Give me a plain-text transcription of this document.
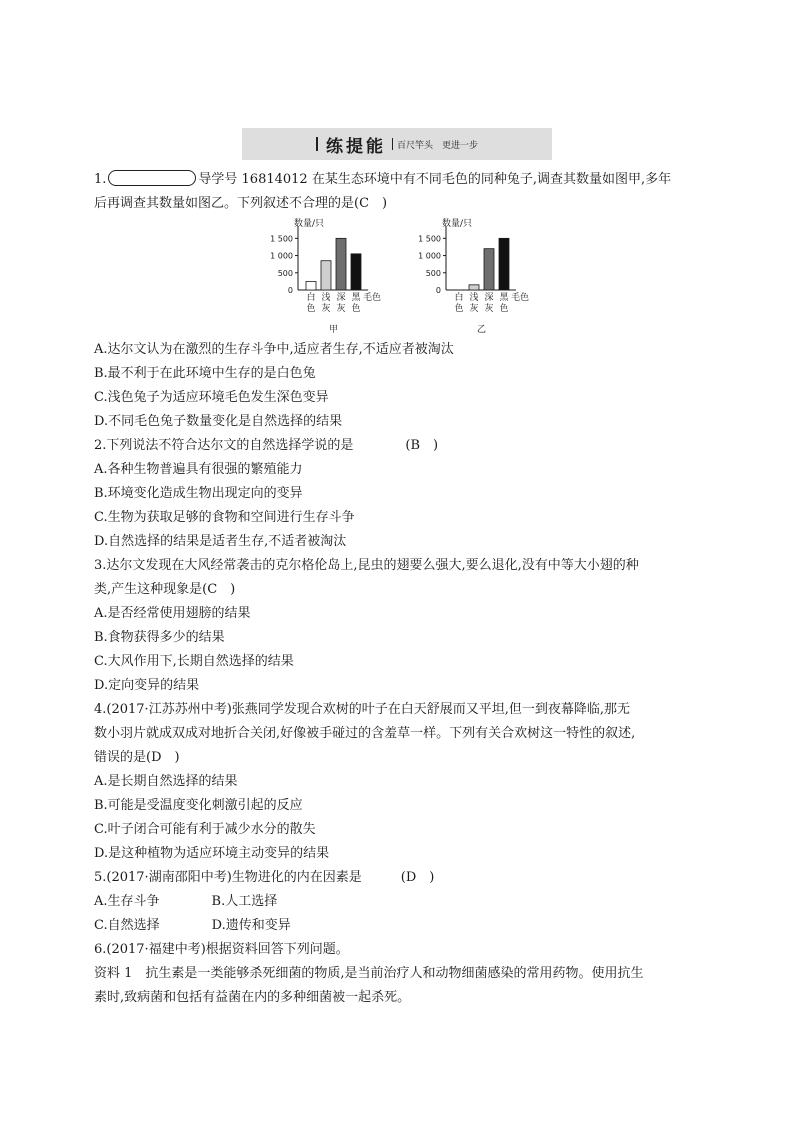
练提能 百尺竿头　更进一步
1.	导学号 16814012 在某生态环境中有不同毛色的同种兔子,调查其数量如图甲,多年
后再调查其数量如图乙。下列叙述不合理的是(C　)
数量/只
0
500
1 000
1 500
白色
浅灰
深灰
黑色
毛色
甲
数量/只
0
500
1 000
1 500
白色
浅灰
深灰
黑色
毛色
乙
A.达尔文认为在激烈的生存斗争中,适应者生存,不适应者被淘汰
B.最不利于在此环境中生存的是白色兔
C.浅色兔子为适应环境毛色发生深色变异
D.不同毛色兔子数量变化是自然选择的结果
2.下列说法不符合达尔文的自然选择学说的是　　　　(B　)
A.各种生物普遍具有很强的繁殖能力
B.环境变化造成生物出现定向的变异
C.生物为获取足够的食物和空间进行生存斗争
D.自然选择的结果是适者生存,不适者被淘汰
3.达尔文发现在大风经常袭击的克尔格伦岛上,昆虫的翅要么强大,要么退化,没有中等大小翅的种
类,产生这种现象是(C　)
A.是否经常使用翅膀的结果
B.食物获得多少的结果
C.大风作用下,长期自然选择的结果
D.定向变异的结果
4.(2017·江苏苏州中考)张燕同学发现合欢树的叶子在白天舒展而又平坦,但一到夜幕降临,那无
数小羽片就成双成对地折合关闭,好像被手碰过的含羞草一样。下列有关合欢树这一特性的叙述,
错误的是(D　)
A.是长期自然选择的结果
B.可能是受温度变化刺激引起的反应
C.叶子闭合可能有利于减少水分的散失
D.是这种植物为适应环境主动变异的结果
5.(2017·湖南邵阳中考)生物进化的内在因素是　　　(D　)
A.生存斗争　　　　B.人工选择
C.自然选择　　　　D.遗传和变异
6.(2017·福建中考)根据资料回答下列问题。
资料 1　抗生素是一类能够杀死细菌的物质,是当前治疗人和动物细菌感染的常用药物。使用抗生
素时,致病菌和包括有益菌在内的多种细菌被一起杀死。
